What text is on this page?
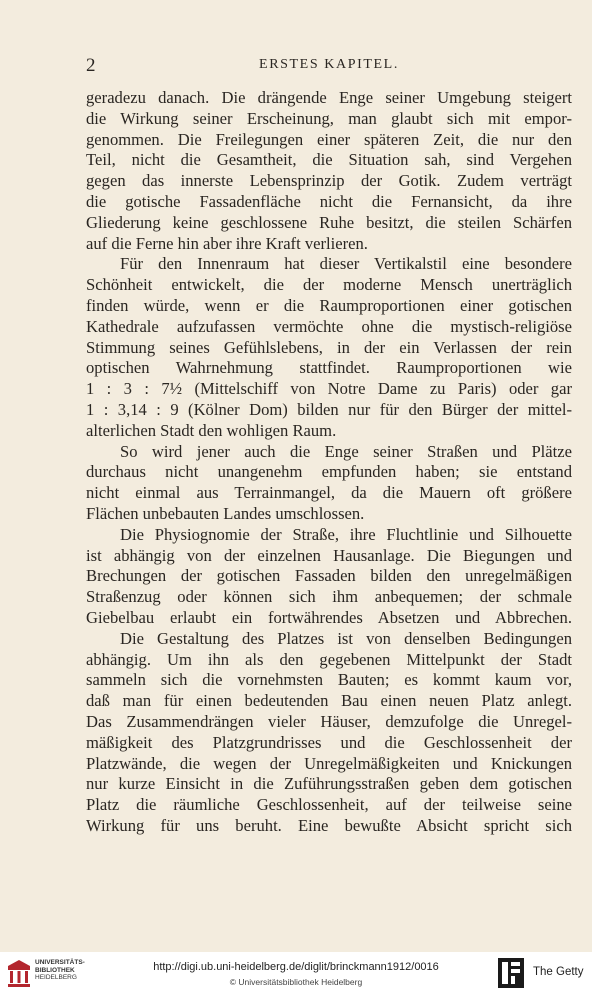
2	ERSTES KAPITEL.
geradezu danach. Die drängende Enge seiner Umgebung steigert
die Wirkung seiner Erscheinung, man glaubt sich mit empor-
genommen. Die Freilegungen einer späteren Zeit, die nur den
Teil, nicht die Gesamtheit, die Situation sah, sind Vergehen
gegen das innerste Lebensprinzip der Gotik. Zudem verträgt
die gotische Fassadenfläche nicht die Fernansicht, da ihre
Gliederung keine geschlossene Ruhe besitzt, die steilen Schärfen
auf die Ferne hin aber ihre Kraft verlieren.
Für den Innenraum hat dieser Vertikalstil eine besondere
Schönheit entwickelt, die der moderne Mensch unerträglich
finden würde, wenn er die Raumproportionen einer gotischen
Kathedrale aufzufassen vermöchte ohne die mystisch-religiöse
Stimmung seines Gefühlslebens, in der ein Verlassen der rein
optischen Wahrnehmung stattfindet. Raumproportionen wie
1 : 3 : 7½ (Mittelschiff von Notre Dame zu Paris) oder gar
1 : 3,14 : 9 (Kölner Dom) bilden nur für den Bürger der mittel-
alterlichen Stadt den wohligen Raum.
So wird jener auch die Enge seiner Straßen und Plätze
durchaus nicht unangenehm empfunden haben; sie entstand
nicht einmal aus Terrainmangel, da die Mauern oft größere
Flächen unbebauten Landes umschlossen.
Die Physiognomie der Straße, ihre Fluchtlinie und Silhouette
ist abhängig von der einzelnen Hausanlage. Die Biegungen und
Brechungen der gotischen Fassaden bilden den unregelmäßigen
Straßenzug oder können sich ihm anbequemen; der schmale
Giebelbau erlaubt ein fortwährendes Absetzen und Abbrechen.
Die Gestaltung des Platzes ist von denselben Bedingungen
abhängig. Um ihn als den gegebenen Mittelpunkt der Stadt
sammeln sich die vornehmsten Bauten; es kommt kaum vor,
daß man für einen bedeutenden Bau einen neuen Platz anlegt.
Das Zusammendrängen vieler Häuser, demzufolge die Unregel-
mäßigkeit des Platzgrundrisses und die Geschlossenheit der
Platzwände, die wegen der Unregelmäßigkeiten und Knickungen
nur kurze Einsicht in die Zuführungsstraßen geben dem gotischen
Platz die räumliche Geschlossenheit, auf der teilweise seine
Wirkung für uns beruht. Eine bewußte Absicht spricht sich
UNIVERSITÄTS-
BIBLIOTHEK
HEIDELBERG
http://digi.ub.uni-heidelberg.de/diglit/brinckmann1912/0016
© Universitätsbibliothek Heidelberg
The Getty
